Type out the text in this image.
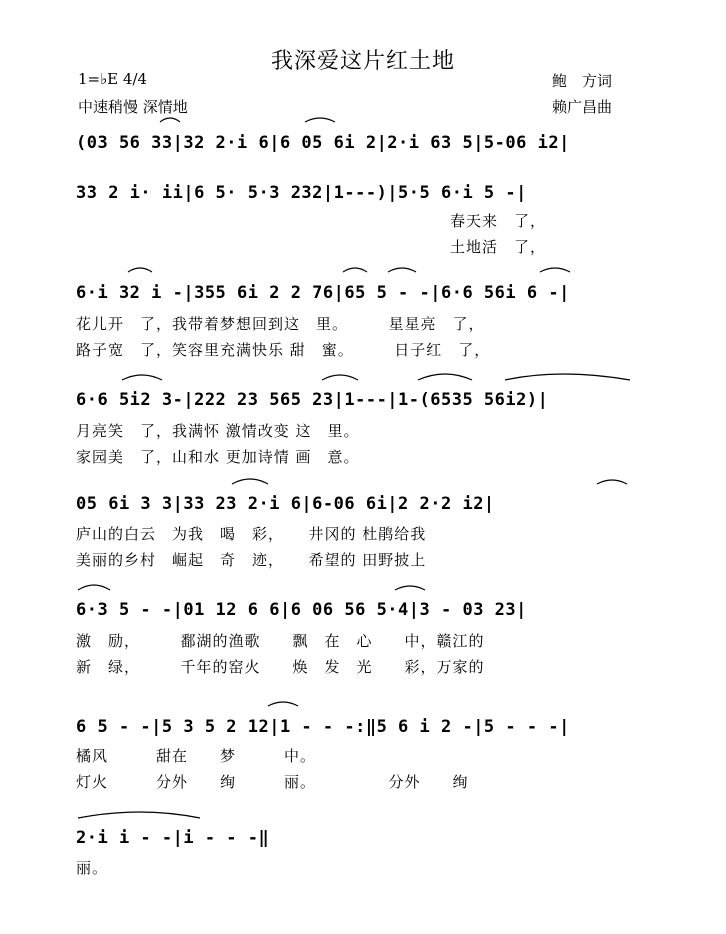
我深爱这片红土地
1=♭E 4/4
中速稍慢 深情地
鲍　方词
赖广昌曲
(03 56 33|32 2·i 6|6 05 6i 2|2·i 63 5|5-06 i2|
33 2 i· ii|6 5· 5·3 232|1---)|5·5 6·i 5 -|
春天来　了，
土地活　了，
6·i 32 i -|355 6i 2 2 76|65 5 - -|6·6 56i 6 -|
花儿开　了，我带着梦想回到这　里。　　　星星亮　了，
路子宽　了，笑容里充满快乐 甜　蜜。　　　日子红　了，
6·6 5i2 3-|222 23 565 23|1---|1-(6535 56i2)|
月亮笑　了，我满怀 激情改变 这　里。
家园美　了，山和水 更加诗情 画　意。
05 6i 3 3|33 23 2·i 6|6-06 6i|2 2·2 i2|
庐山的白云　为我　喝　彩，　　井冈的 杜鹃给我
美丽的乡村　崛起　奇　迹，　　希望的 田野披上
6·3 5 - -|01 12 6 6|6 06 56 5·4|3 - 03 23|
激　励，　　　鄱湖的渔歌　　飘　在　心　　中，赣江的
新　绿，　　　千年的窑火　　焕　发　光　　彩，万家的
6 5 - -|5 3 5 2 12|1 - - -:‖5 6 i 2 -|5 - - -|
橘风　　　甜在　　梦　　　中。
灯火　　　分外　　绚　　　丽。　　　　　分外　　绚
2·i i - -|i - - -‖
丽。
